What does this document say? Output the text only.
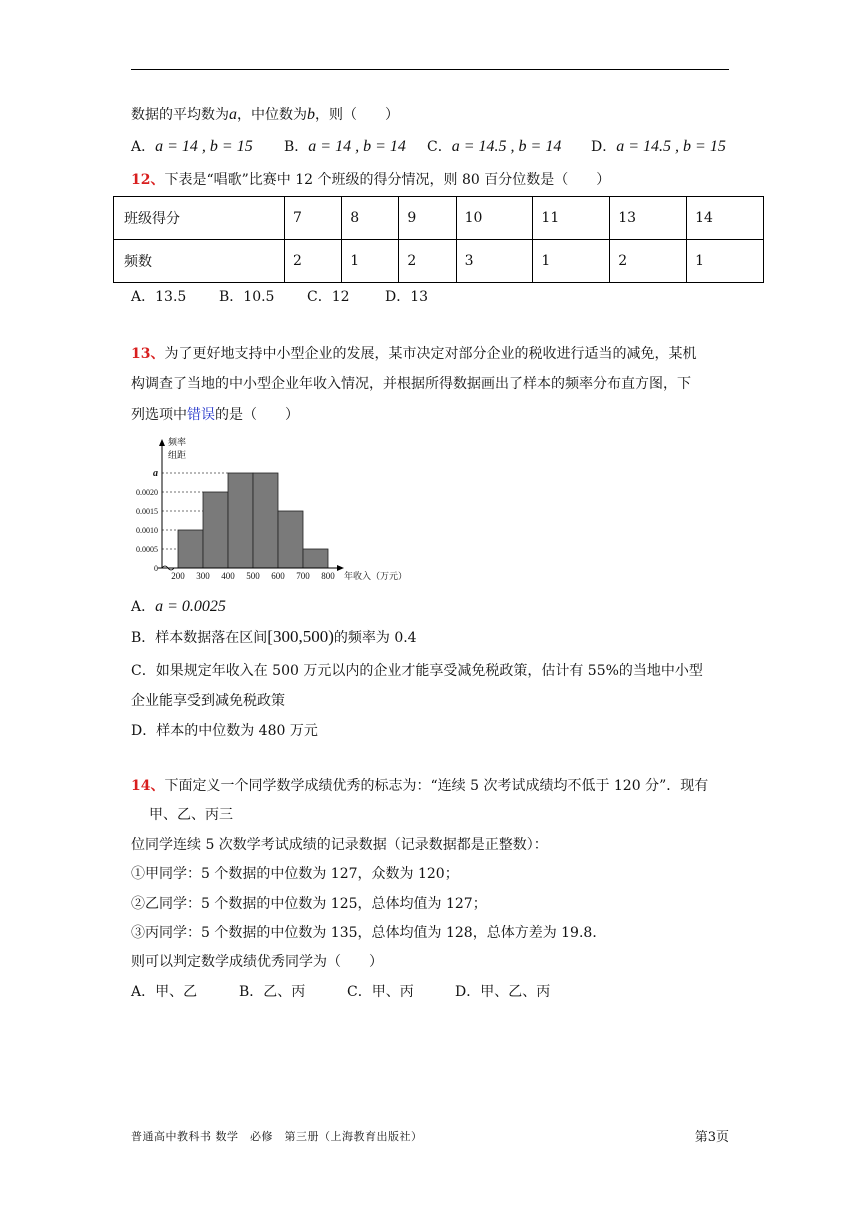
数据的平均数为a，中位数为b，则（　　）
A．a = 14 , b = 15 B．a = 14 , b = 14 C．a = 14.5 , b = 14 D．a = 14.5 , b = 15
12、下表是“唱歌”比赛中 12 个班级的得分情况，则 80 百分位数是（　　）
班级得分	7	8	9	10	11	13	14
频数	2	1	2	3	1	2	1
A．13.5 B．10.5 C．12	D．13
13、为了更好地支持中小型企业的发展，某市决定对部分企业的税收进行适当的减免，某机
构调查了当地的中小型企业年收入情况，并根据所得数据画出了样本的频率分布直方图，下
列选项中错误的是（　　）
0
0.0005
0.0010
0.0015
0.0020
a
200 300 400 500 600 700 800
频率
组距
年收入（万元）
A．a = 0.0025
B．样本数据落在区间[300,500)的频率为 0.4
C．如果规定年收入在 500 万元以内的企业才能享受减免税政策，估计有 55%的当地中小型
企业能享受到减免税政策
D．样本的中位数为 480 万元
14、下面定义一个同学数学成绩优秀的标志为：“连续 5 次考试成绩均不低于 120 分”．现有
甲、乙、丙三
位同学连续 5 次数学考试成绩的记录数据（记录数据都是正整数）：
①甲同学：5 个数据的中位数为 127，众数为 120；
②乙同学：5 个数据的中位数为 125，总体均值为 127；
③丙同学：5 个数据的中位数为 135，总体均值为 128，总体方差为 19.8．
则可以判定数学成绩优秀同学为（　　）
A．甲、乙	B．乙、丙	C．甲、丙	D．甲、乙、丙
普通高中教科书 数学　必修　第三册（上海教育出版社）	第3页
